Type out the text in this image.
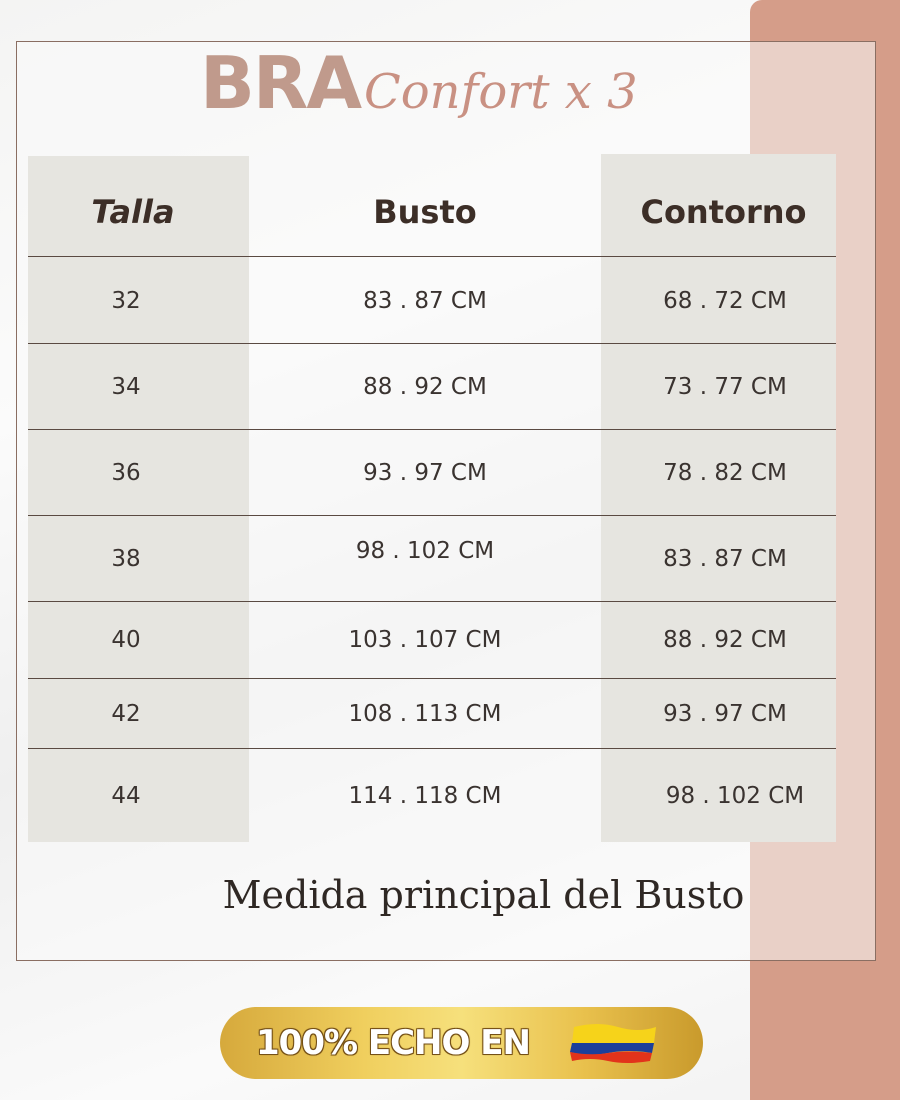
BRA Confort x 3
Talla	Busto	Contorno
32	83 . 87 CM	68 . 72 CM
34	88 . 92 CM	73 . 77 CM
36	93 . 97 CM	78 . 82 CM
38	98 . 102 CM	83 . 87 CM
40	103 . 107 CM	88 . 92 CM
42	108 . 113 CM	93 . 97 CM
44	114 . 118 CM	98 . 102 CM
Medida principal del Busto
100% ECHO EN
